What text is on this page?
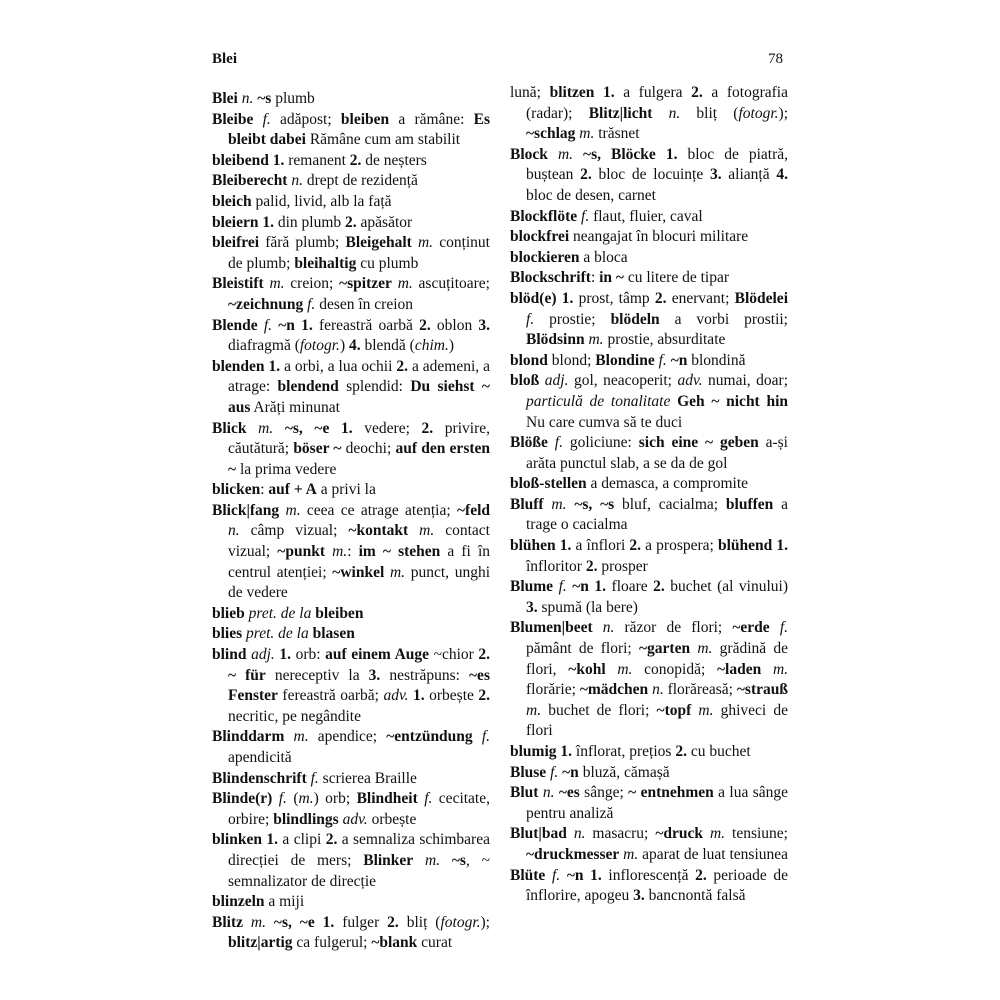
Blei	78

Blei n. ~s plumb

Bleibe f. adăpost; bleiben a rămâne: Es bleibt dabei Rămâne cum am stabilit

bleibend 1. remanent 2. de neșters

Bleiberecht n. drept de rezidență

bleich palid, livid, alb la față

bleiern 1. din plumb 2. apăsător

bleifrei fără plumb; Bleigehalt m. conținut de plumb; bleihaltig cu plumb

Bleistift m. creion; ~spitzer m. ascuțitoare; ~zeichnung f. desen în creion

Blende f. ~n 1. fereastră oarbă 2. oblon 3. diafragmă (fotogr.) 4. blendă (chim.)

blenden 1. a orbi, a lua ochii 2. a ademeni, a atrage: blendend splendid: Du siehst ~ aus Arăți minunat

Blick m. ~s, ~e 1. vedere; 2. privire, căutătură; böser ~ deochi; auf den ersten ~ la prima vedere

blicken: auf + A a privi la

Blick|fang m. ceea ce atrage atenția; ~feld n. câmp vizual; ~kontakt m. contact vizual; ~punkt m.: im ~ stehen a fi în centrul atenției; ~winkel m. punct, unghi de vedere

blieb pret. de la bleiben

blies pret. de la blasen

blind adj. 1. orb: auf einem Auge ~chior 2. ~ für nereceptiv la 3. nestrăpuns: ~es Fenster fereastră oarbă; adv. 1. orbește 2. necritic, pe negândite

Blinddarm m. apendice; ~entzündung f. apendicită

Blindenschrift f. scrierea Braille

Blinde(r) f. (m.) orb; Blindheit f. cecitate, orbire; blindlings adv. orbește

blinken 1. a clipi 2. a semnaliza schimbarea direcției de mers; Blinker m. ~s, ~ semnalizator de direcție

blinzeln a miji

Blitz m. ~s, ~e 1. fulger 2. bliț (fotogr.); blitz|artig ca fulgerul; ~blank curat

lună; blitzen 1. a fulgera 2. a fotografia (radar); Blitz|licht n. bliț (fotogr.); ~schlag m. trăsnet

Block m. ~s, Blöcke 1. bloc de piatră, buștean 2. bloc de locuințe 3. alianță 4. bloc de desen, carnet

Blockflöte f. flaut, fluier, caval

blockfrei neangajat în blocuri militare

blockieren a bloca

Blockschrift: in ~ cu litere de tipar

blöd(e) 1. prost, tâmp 2. enervant; Blödelei f. prostie; blödeln a vorbi prostii; Blödsinn m. prostie, absurditate

blond blond; Blondine f. ~n blondină

bloß adj. gol, neacoperit; adv. numai, doar; particulă de tonalitate Geh ~ nicht hin Nu care cumva să te duci

Blöße f. goliciune: sich eine ~ geben a-și arăta punctul slab, a se da de gol

bloß-stellen a demasca, a compromite

Bluff m. ~s, ~s bluf, cacialma; bluffen a trage o cacialma

blühen 1. a înflori 2. a prospera; blühend 1. înfloritor 2. prosper

Blume f. ~n 1. floare 2. buchet (al vinului) 3. spumă (la bere)

Blumen|beet n. răzor de flori; ~erde f. pământ de flori; ~garten m. grădină de flori, ~kohl m. conopidă; ~laden m. florărie; ~mädchen n. florăreasă; ~strauß m. buchet de flori; ~topf m. ghiveci de flori

blumig 1. înflorat, prețios 2. cu buchet

Bluse f. ~n bluză, cămașă

Blut n. ~es sânge; ~ entnehmen a lua sânge pentru analiză

Blut|bad n. masacru; ~druck m. tensiune; ~druckmesser m. aparat de luat tensiunea

Blüte f. ~n 1. inflorescență 2. perioade de înflorire, apogeu 3. bancnontă falsă
